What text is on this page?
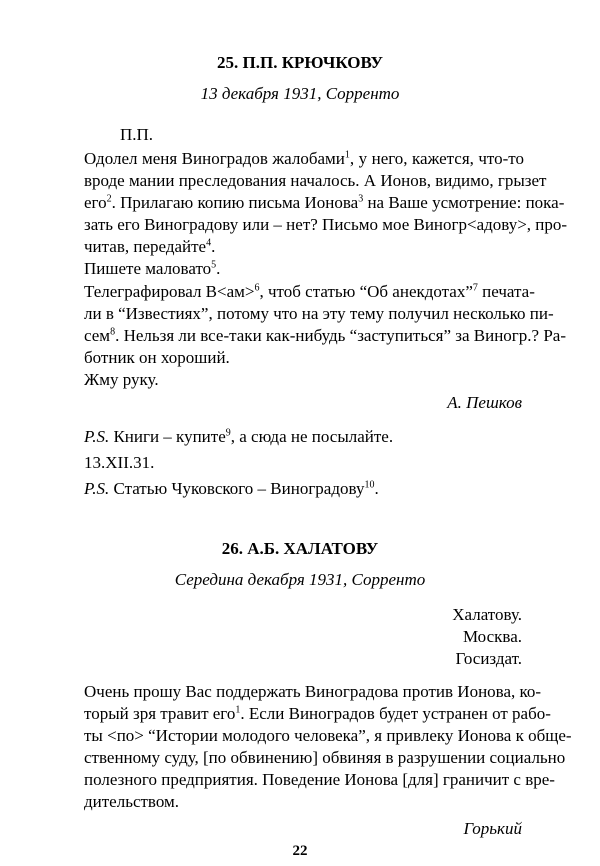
25. П.П. КРЮЧКОВУ
13 декабря 1931, Сорренто
П.П.
Одолел меня Виноградов жалобами$^1$, у него, кажется, что-то
вроде мании преследования началось. А Ионов, видимо, грызет
его$^2$. Прилагаю копию письма Ионова$^3$ на Ваше усмотрение: пока-
зать его Виноградову или – нет? Письмо мое Виногр<адову>, про-
читав, передайте$^4$.
Пишете маловато$^5$.
Телеграфировал В<ам>$^6$, чтоб статью “Об анекдотах”$^7$ печата-
ли в “Известиях”, потому что на эту тему получил несколько пи-
сем$^8$. Нельзя ли все-таки как-нибудь “заступиться” за Виногр.? Ра-
ботник он хороший.
Жму руку.
А. Пешков
P.S. Книги – купите$^9$, а сюда не посылайте.
13.XII.31.
P.S. Статью Чуковского – Виноградову$^{10}$.
26. А.Б. ХАЛАТОВУ
Середина декабря 1931, Сорренто
Халатову.
Москва.
Госиздат.
Очень прошу Вас поддержать Виноградова против Ионова, ко-
торый зря травит его$^1$. Если Виноградов будет устранен от рабо-
ты <по> “Истории молодого человека”, я привлеку Ионова к обще-
ственному суду, [по обвинению] обвиняя в разрушении социально
полезного предприятия. Поведение Ионова [для] граничит с вре-
дительством.
Горький
22
